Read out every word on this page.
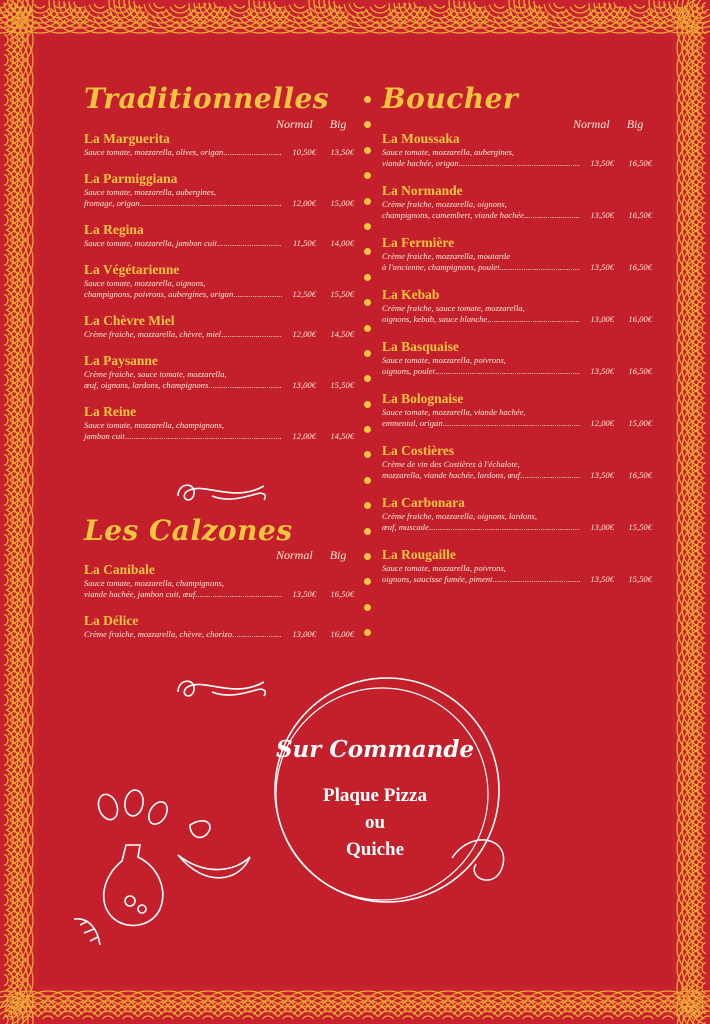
Traditionnelles
Normal Big
La Marguerita
Sauce tomate, mozzarella, olives, origan .....	10,50€	13,50€
La Parmiggiana
Sauce tomate, mozzarella, aubergines,
fromage, origan .....	12,00€	15,00€
La Regina
Sauce tomate, mozzarella, jambon cuit .....	11,50€	14,00€
La Végétarienne
Sauce tomate, mozzarella, oignons,
champignons, poivrons, aubergines, origan .....	12,50€	15,50€
La Chèvre Miel
Crème fraiche, mozzarella, chèvre, miel .....	12,00€	14,50€
La Paysanne
Crème fraiche, sauce tomate, mozzarella,
œuf, oignons, lardons, champignons .....	13,00€	15,50€
La Reine
Sauce tomate, mozzarella, champignons,
jambon cuit .....	12,00€	14,50€
Les Calzones
Normal Big
La Canibale
Sauce tomate, mozzarella, champignons,
viande hachée, jambon cuit, œuf .....	13,50€	16,50€
La Délice
Crème fraiche, mozzarella, chèvre, chorizo .....	13,00€	16,00€
Boucher
Normal Big
La Moussaka
Sauce tomate, mozzarella, aubergines,
viande hachée, origan .....	13,50€	16,50€
La Normande
Crème fraiche, mozzarella, oignons,
champignons, camembert, viande hachée .....	13,50€	16,50€
La Fermière
Crème fraiche, mozzarella, moutarde
à l'ancienne, champignons, poulet .....	13,50€	16,50€
La Kebab
Crème fraiche, sauce tomate, mozzarella,
oignons, kebab, sauce blanche .....	13,00€	16,00€
La Basquaise
Sauce tomate, mozzarella, poivrons,
oignons, poulet .....	13,50€	16,50€
La Bolognaise
Sauce tomate, mozzarella, viande hachée,
emmental, origan .....	12,00€	15,00€
La Costières
Crème de vin des Costières à l'échalote,
mozzarella, viande hachée, lardons, œuf .....	13,50€	16,50€
La Carbonara
Crème fraiche, mozzarella, oignons, lardons,
œuf, muscade .....	13,00€	15,50€
La Rougaille
Sauce tomate, mozzarella, poivrons,
oignons, saucisse fumée, piment .....	13,50€	15,50€
Sur Commande
Plaque Pizza
ou
Quiche
